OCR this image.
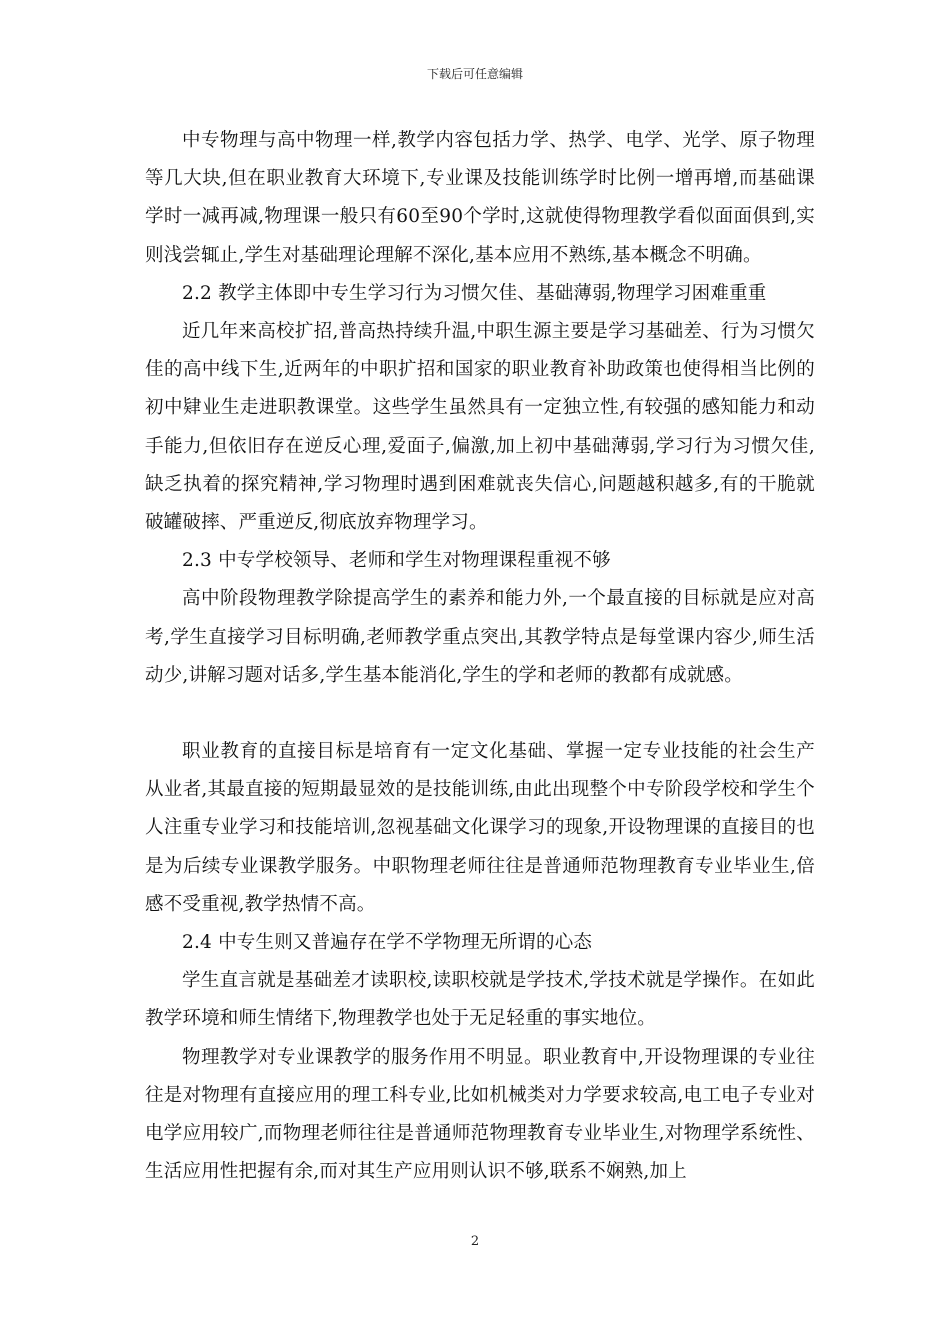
下载后可任意编辑

中专物理与高中物理一样,教学内容包括力学、热学、电学、光学、原子物理等几大块,但在职业教育大环境下,专业课及技能训练学时比例一增再增,而基础课学时一减再减,物理课一般只有60至90个学时,这就使得物理教学看似面面俱到,实则浅尝辄止,学生对基础理论理解不深化,基本应用不熟练,基本概念不明确。

2.2 教学主体即中专生学习行为习惯欠佳、基础薄弱,物理学习困难重重

近几年来高校扩招,普高热持续升温,中职生源主要是学习基础差、行为习惯欠佳的高中线下生,近两年的中职扩招和国家的职业教育补助政策也使得相当比例的初中肄业生走进职教课堂。这些学生虽然具有一定独立性,有较强的感知能力和动手能力,但依旧存在逆反心理,爱面子,偏激,加上初中基础薄弱,学习行为习惯欠佳,缺乏执着的探究精神,学习物理时遇到困难就丧失信心,问题越积越多,有的干脆就破罐破摔、严重逆反,彻底放弃物理学习。

2.3 中专学校领导、老师和学生对物理课程重视不够

高中阶段物理教学除提高学生的素养和能力外,一个最直接的目标就是应对高考,学生直接学习目标明确,老师教学重点突出,其教学特点是每堂课内容少,师生活动少,讲解习题对话多,学生基本能消化,学生的学和老师的教都有成就感。

职业教育的直接目标是培育有一定文化基础、掌握一定专业技能的社会生产从业者,其最直接的短期最显效的是技能训练,由此出现整个中专阶段学校和学生个人注重专业学习和技能培训,忽视基础文化课学习的现象,开设物理课的直接目的也是为后续专业课教学服务。中职物理老师往往是普通师范物理教育专业毕业生,倍感不受重视,教学热情不高。

2.4 中专生则又普遍存在学不学物理无所谓的心态

学生直言就是基础差才读职校,读职校就是学技术,学技术就是学操作。在如此教学环境和师生情绪下,物理教学也处于无足轻重的事实地位。

物理教学对专业课教学的服务作用不明显。职业教育中,开设物理课的专业往往是对物理有直接应用的理工科专业,比如机械类对力学要求较高,电工电子专业对电学应用较广,而物理老师往往是普通师范物理教育专业毕业生,对物理学系统性、生活应用性把握有余,而对其生产应用则认识不够,联系不娴熟,加上

2
